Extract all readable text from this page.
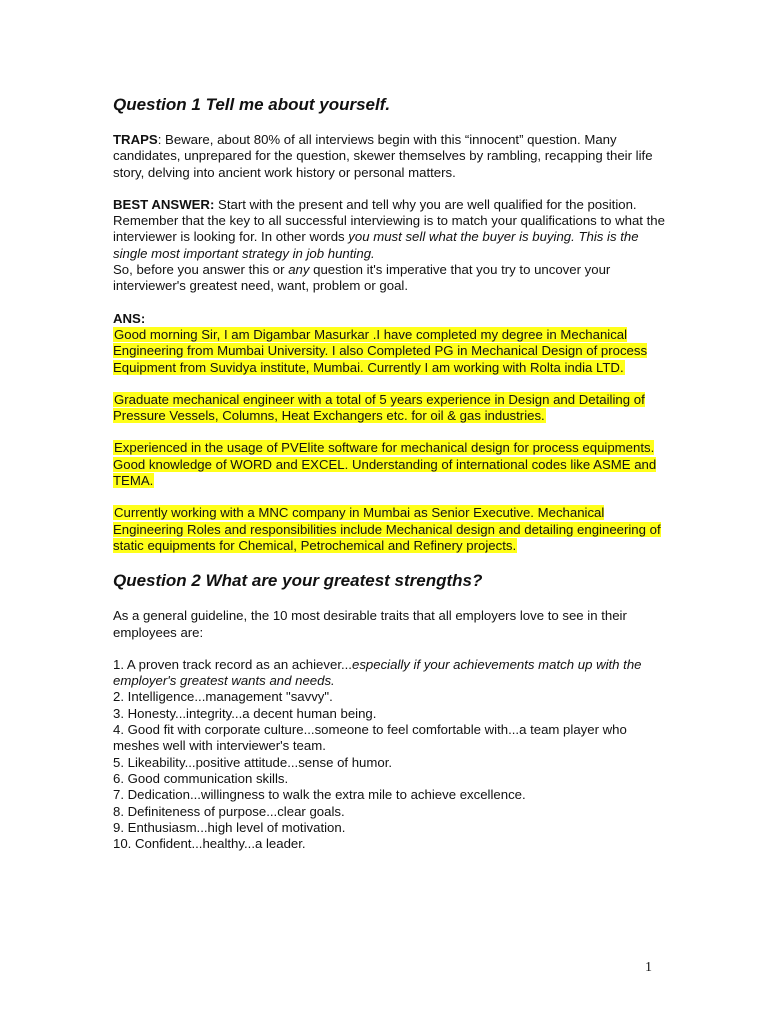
Question 1 Tell me about yourself.

TRAPS: Beware, about 80% of all interviews begin with this “innocent” question. Many candidates, unprepared for the question, skewer themselves by rambling, recapping their life story, delving into ancient work history or personal matters.

BEST ANSWER: Start with the present and tell why you are well qualified for the position. Remember that the key to all successful interviewing is to match your qualifications to what the interviewer is looking for. In other words you must sell what the buyer is buying. This is the single most important strategy in job hunting.
So, before you answer this or any question it's imperative that you try to uncover your interviewer's greatest need, want, problem or goal.

ANS:

Good morning Sir, I am Digambar Masurkar .I have completed my degree in Mechanical Engineering from Mumbai University. I also Completed PG in Mechanical Design of process Equipment from Suvidya institute, Mumbai. Currently I am working with Rolta india LTD.

Graduate mechanical engineer with a total of 5 years experience in Design and Detailing of Pressure Vessels, Columns, Heat Exchangers etc. for oil & gas industries.

Experienced in the usage of PVElite software for mechanical design for process equipments. Good knowledge of WORD and EXCEL. Understanding of international codes like ASME and TEMA.

Currently working with a MNC company in Mumbai as Senior Executive. Mechanical Engineering Roles and responsibilities include Mechanical design and detailing engineering of static equipments for Chemical, Petrochemical and Refinery projects.

Question 2 What are your greatest strengths?

As a general guideline, the 10 most desirable traits that all employers love to see in their employees are:

1. A proven track record as an achiever...especially if your achievements match up with the employer's greatest wants and needs.
2. Intelligence...management "savvy".
3. Honesty...integrity...a decent human being.
4. Good fit with corporate culture...someone to feel comfortable with...a team player who meshes well with interviewer's team.
5. Likeability...positive attitude...sense of humor.
6. Good communication skills.
7. Dedication...willingness to walk the extra mile to achieve excellence.
8. Definiteness of purpose...clear goals.
9. Enthusiasm...high level of motivation.
10. Confident...healthy...a leader.
1
